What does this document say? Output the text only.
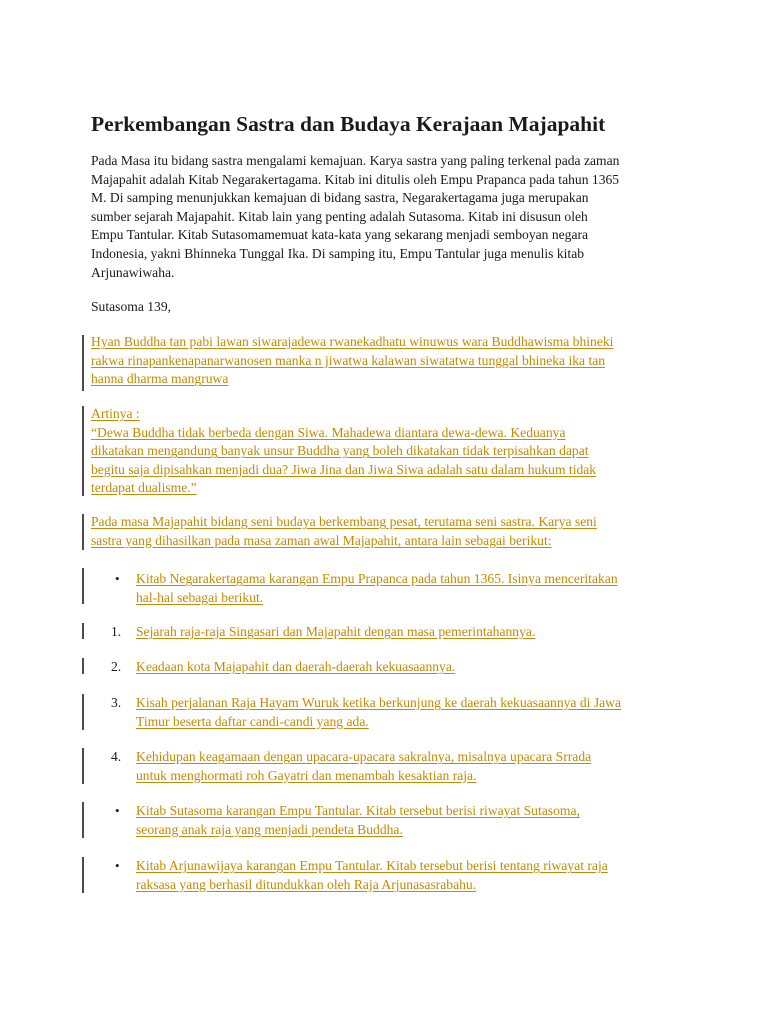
Perkembangan Sastra dan Budaya Kerajaan Majapahit

Pada Masa itu bidang sastra mengalami kemajuan. Karya sastra yang paling terkenal pada zaman
Majapahit adalah Kitab Negarakertagama. Kitab ini ditulis oleh Empu Prapanca pada tahun 1365
M. Di samping menunjukkan kemajuan di bidang sastra, Negarakertagama juga merupakan
sumber sejarah Majapahit. Kitab lain yang penting adalah Sutasoma. Kitab ini disusun oleh
Empu Tantular. Kitab Sutasomamemuat kata-kata yang sekarang menjadi semboyan negara
Indonesia, yakni Bhinneka Tunggal Ika. Di samping itu, Empu Tantular juga menulis kitab
Arjunawiwaha.

Sutasoma 139,

Hyan Buddha tan pabi lawan siwarajadewa rwanekadhatu winuwus wara Buddhawisma bhineki
rakwa rinapankenapanarwanosen manka n jiwatwa kalawan siwatatwa tunggal bhineka ika tan
hanna dharma mangruwa

Artinya :
“Dewa Buddha tidak berbeda dengan Siwa. Mahadewa diantara dewa-dewa. Keduanya
dikatakan mengandung banyak unsur Buddha yang boleh dikatakan tidak terpisahkan dapat
begitu saja dipisahkan menjadi dua? Jiwa Jina dan Jiwa Siwa adalah satu dalam hukum tidak
terdapat dualisme.”

Pada masa Majapahit bidang seni budaya berkembang pesat, terutama seni sastra. Karya seni
sastra yang dihasilkan pada masa zaman awal Majapahit, antara lain sebagai berikut:

•	Kitab Negarakertagama karangan Empu Prapanca pada tahun 1365. Isinya menceritakan
hal-hal sebagai berikut.
1.	Sejarah raja-raja Singasari dan Majapahit dengan masa pemerintahannya.
2.	Keadaan kota Majapahit dan daerah-daerah kekuasaannya.
3.	Kisah perjalanan Raja Hayam Wuruk ketika berkunjung ke daerah kekuasaannya di Jawa
Timur beserta daftar candi-candi yang ada.
4.	Kehidupan keagamaan dengan upacara-upacara sakralnya, misalnya upacara Srrada
untuk menghormati roh Gayatri dan menambah kesaktian raja.
•	Kitab Sutasoma karangan Empu Tantular. Kitab tersebut berisi riwayat Sutasoma,
seorang anak raja yang menjadi pendeta Buddha.
•	Kitab Arjunawijaya karangan Empu Tantular. Kitab tersebut berisi tentang riwayat raja
raksasa yang berhasil ditundukkan oleh Raja Arjunasasrabahu.
